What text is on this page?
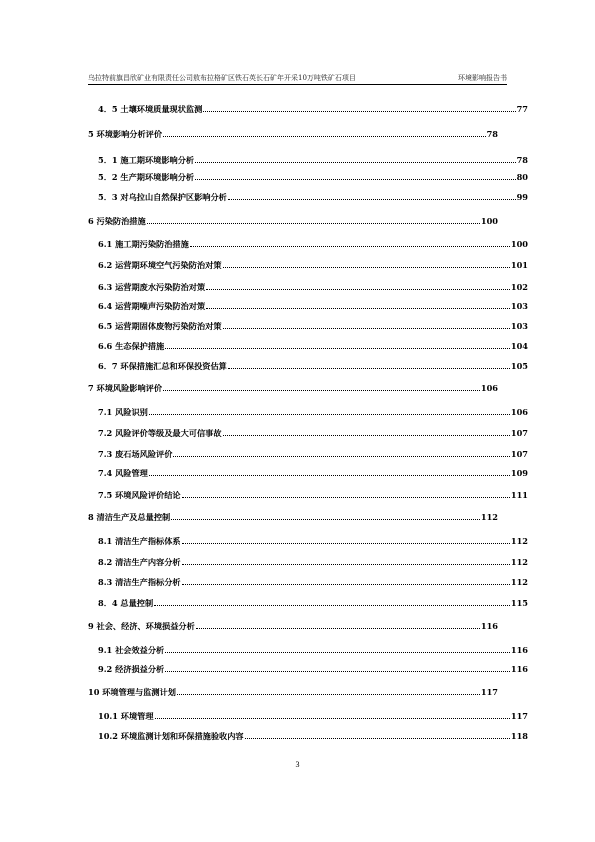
乌拉特前旗昌欣矿业有限责任公司敖布拉格矿区铁石英长石矿年开采10万吨铁矿石项目	环境影响报告书
4．5 土壤环境质量现状监测	77
5 环境影响分析评价	78
5．1 施工期环境影响分析	78
5．2 生产期环境影响分析	80
5．3 对乌拉山自然保护区影响分析	99
6 污染防治措施	100
6.1 施工期污染防治措施	100
6.2 运营期环境空气污染防治对策	101
6.3 运营期废水污染防治对策	102
6.4 运营期噪声污染防治对策	103
6.5 运营期固体废物污染防治对策	103
6.6 生态保护措施	104
6．7 环保措施汇总和环保投资估算	105
7 环境风险影响评价	106
7.1 风险识别	106
7.2 风险评价等级及最大可信事故	107
7.3 废石场风险评价	107
7.4 风险管理	109
7.5 环境风险评价结论	111
8 清洁生产及总量控制	112
8.1 清洁生产指标体系	112
8.2 清洁生产内容分析	112
8.3 清洁生产指标分析	112
8．4 总量控制	115
9 社会、经济、环境损益分析	116
9.1 社会效益分析	116
9.2 经济损益分析	116
10 环境管理与监测计划	117
10.1 环境管理	117
10.2 环境监测计划和环保措施验收内容	118
3
